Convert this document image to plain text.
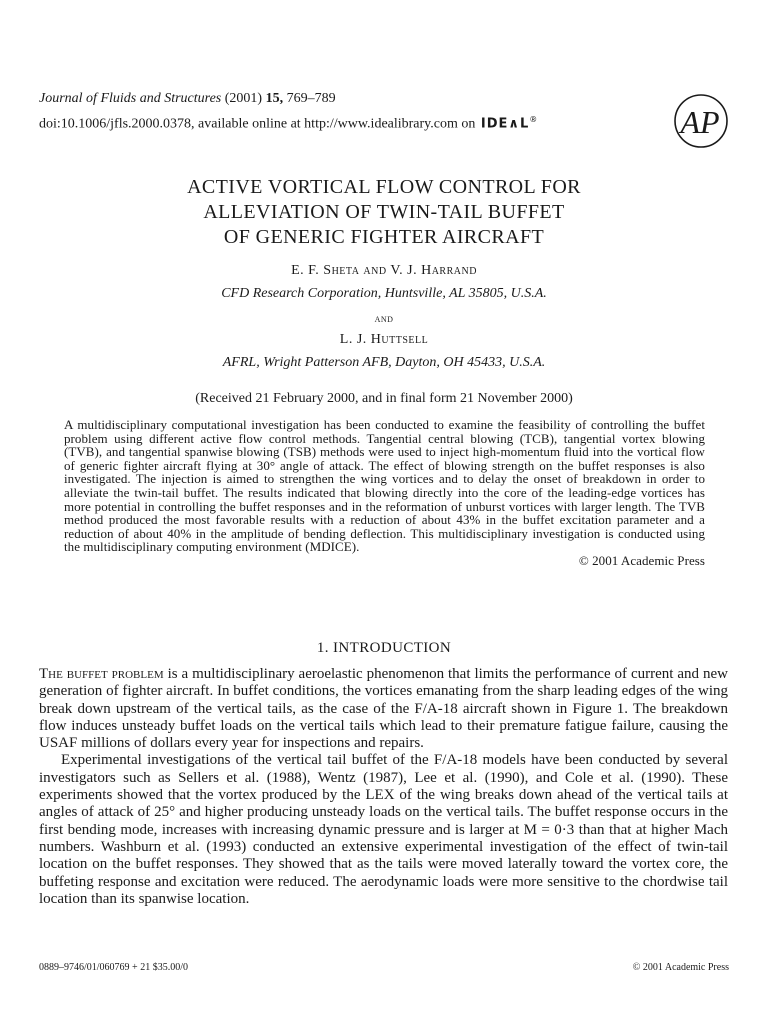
Journal of Fluids and Structures (2001) 15, 769–789
doi:10.1006/jfls.2000.0378, available online at http://www.idealibrary.com on IDE∧L®	AP
ACTIVE VORTICAL FLOW CONTROL FOR
ALLEVIATION OF TWIN-TAIL BUFFET
OF GENERIC FIGHTER AIRCRAFT
E. F. Sheta and V. J. Harrand
CFD Research Corporation, Huntsville, AL 35805, U.S.A.
and
L. J. Huttsell
AFRL, Wright Patterson AFB, Dayton, OH 45433, U.S.A.
(Received 21 February 2000, and in final form 21 November 2000)

A multidisciplinary computational investigation has been conducted to examine the feasibility of controlling the buffet problem using different active flow control methods. Tangential central blowing (TCB), tangential vortex blowing (TVB), and tangential spanwise blowing (TSB) methods were used to inject high-momentum fluid into the vortical flow of generic fighter aircraft flying at 30° angle of attack. The effect of blowing strength on the buffet responses is also investigated. The injection is aimed to strengthen the wing vortices and to delay the onset of breakdown in order to alleviate the twin-tail buffet. The results indicated that blowing directly into the core of the leading-edge vortices has more potential in controlling the buffet responses and in the reformation of unburst vortices with larger length. The TVB method produced the most favorable results with a reduction of about 43% in the buffet excitation parameter and a reduction of about 40% in the amplitude of bending deflection. This multidisciplinary investigation is conducted using the multidisciplinary computing environment (MDICE).

© 2001 Academic Press
1. INTRODUCTION

The buffet problem is a multidisciplinary aeroelastic phenomenon that limits the performance of current and new generation of fighter aircraft. In buffet conditions, the vortices emanating from the sharp leading edges of the wing break down upstream of the vertical tails, as the case of the F/A-18 aircraft shown in Figure 1. The breakdown flow induces unsteady buffet loads on the vertical tails which lead to their premature fatigue failure, causing the USAF millions of dollars every year for inspections and repairs.

Experimental investigations of the vertical tail buffet of the F/A-18 models have been conducted by several investigators such as Sellers et al. (1988), Wentz (1987), Lee et al. (1990), and Cole et al. (1990). These experiments showed that the vortex produced by the LEX of the wing breaks down ahead of the vertical tails at angles of attack of 25° and higher producing unsteady loads on the vertical tails. The buffet response occurs in the first bending mode, increases with increasing dynamic pressure and is larger at M = 0·3 than that at higher Mach numbers. Washburn et al. (1993) conducted an extensive experimental investigation of the effect of twin-tail location on the buffet responses. They showed that as the tails were moved laterally toward the vortex core, the buffeting response and excitation were reduced. The aerodynamic loads were more sensitive to the chordwise tail location than its spanwise location.

0889–9746/01/060769 + 21 $35.00/0	© 2001 Academic Press
